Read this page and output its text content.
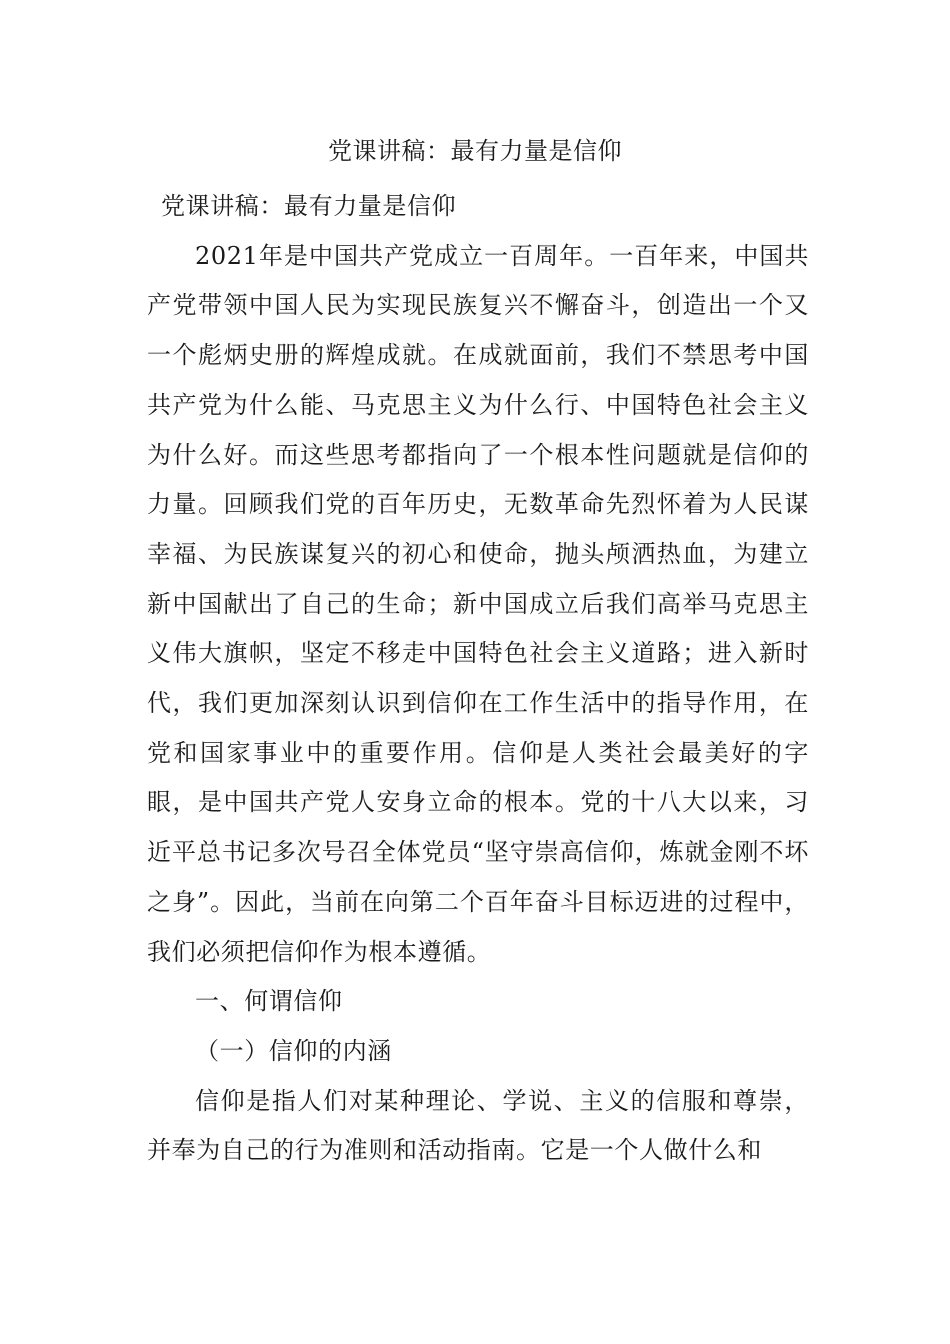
党课讲稿：最有力量是信仰

党课讲稿：最有力量是信仰

2021年是中国共产党成立一百周年。一百年来，中国共产党带领中国人民为实现民族复兴不懈奋斗，创造出一个又一个彪炳史册的辉煌成就。在成就面前，我们不禁思考中国共产党为什么能、马克思主义为什么行、中国特色社会主义为什么好。而这些思考都指向了一个根本性问题就是信仰的力量。回顾我们党的百年历史，无数革命先烈怀着为人民谋幸福、为民族谋复兴的初心和使命，抛头颅洒热血，为建立新中国献出了自己的生命；新中国成立后我们高举马克思主义伟大旗帜，坚定不移走中国特色社会主义道路；进入新时代，我们更加深刻认识到信仰在工作生活中的指导作用，在党和国家事业中的重要作用。信仰是人类社会最美好的字眼，是中国共产党人安身立命的根本。党的十八大以来，习近平总书记多次号召全体党员“坚守崇高信仰，炼就金刚不坏之身”。因此，当前在向第二个百年奋斗目标迈进的过程中，我们必须把信仰作为根本遵循。

一、何谓信仰

（一）信仰的内涵

信仰是指人们对某种理论、学说、主义的信服和尊崇，并奉为自己的行为准则和活动指南。它是一个人做什么和
